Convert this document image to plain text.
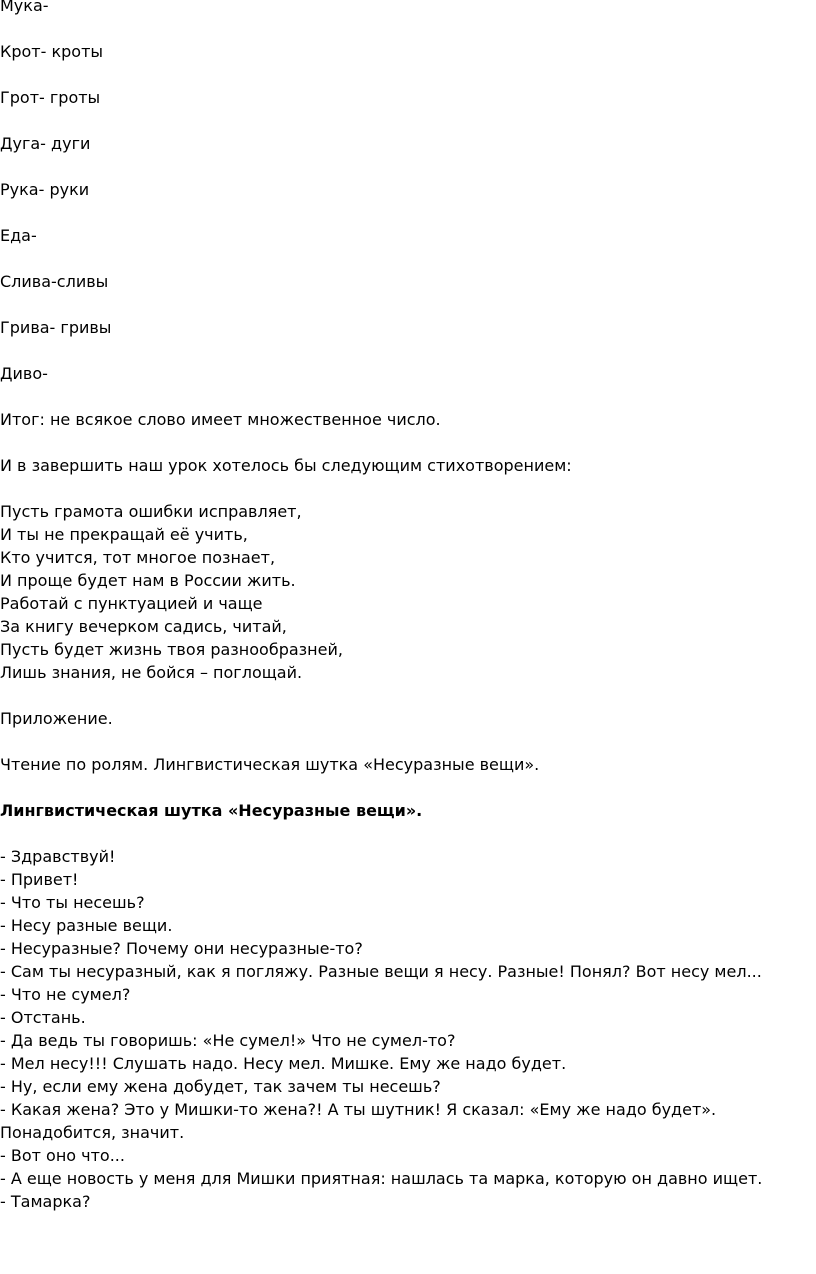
Мука-
Крот- кроты
Грот- гроты
Дуга- дуги
Рука- руки
Еда-
Слива-сливы
Грива- гривы
Диво-
Итог: не всякое слово имеет множественное число.
И в завершить наш урок хотелось бы следующим стихотворением:
Пусть грамота ошибки исправляет,
И ты не прекращай её учить,
Кто учится, тот многое познает,
И проще будет нам в России жить.
Работай с пунктуацией и чаще
За книгу вечерком садись, читай,
Пусть будет жизнь твоя разнообразней,
Лишь знания, не бойся – поглощай.
Приложение.
Чтение по ролям. Лингвистическая шутка «Несуразные вещи».
Лингвистическая шутка «Несуразные вещи».
- Здравствуй!
- Привет!
- Что ты несешь?
- Несу разные вещи.
- Несуразные? Почему они несуразные-то?
- Сам ты несуразный, как я погляжу. Разные вещи я несу. Разные! Понял? Вот несу мел...
- Что не сумел?
- Отстань.
- Да ведь ты говоришь: «Не сумел!» Что не сумел-то?
- Мел несу!!! Слушать надо. Несу мел. Мишке. Ему же надо будет.
- Ну, если ему жена добудет, так зачем ты несешь?
- Какая жена? Это у Мишки-то жена?! А ты шутник! Я сказал: «Ему же надо будет». Понадобится, значит.
- Вот оно что...
- А еще новость у меня для Мишки приятная: нашлась та марка, которую он давно ищет.
- Тамарка?
